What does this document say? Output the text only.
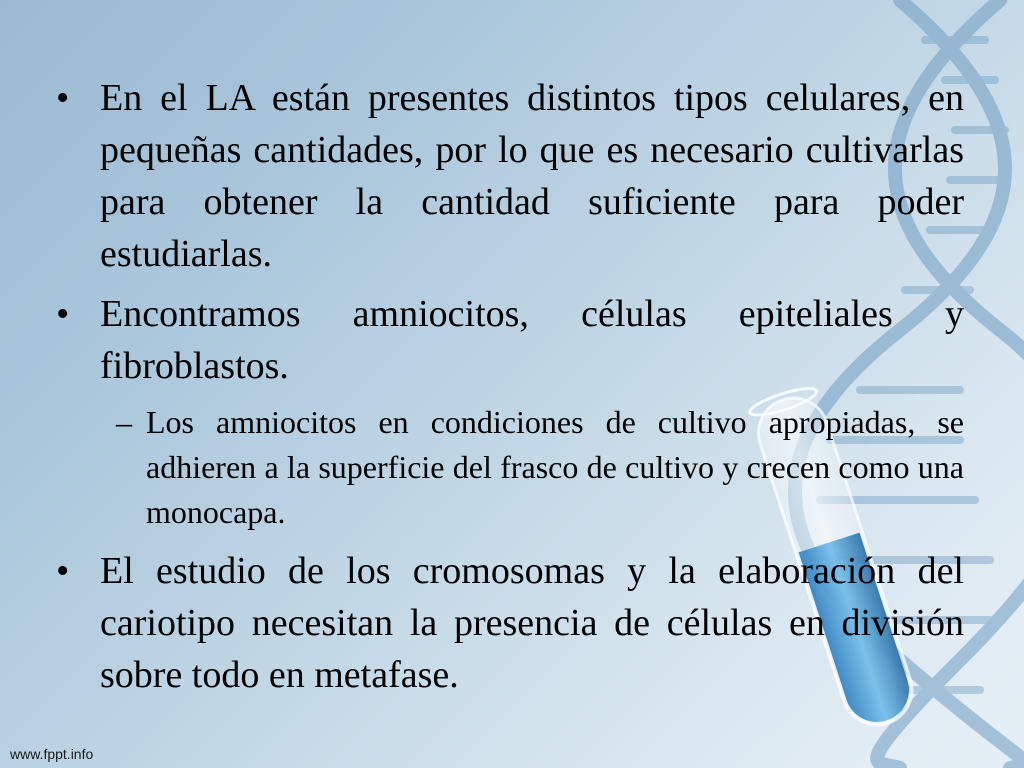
• En el LA están presentes distintos tipos celulares, en pequeñas cantidades, por lo que es necesario cultivarlas para obtener la cantidad suficiente para poder estudiarlas.
• Encontramos amniocitos, células epiteliales y fibroblastos.
– Los amniocitos en condiciones de cultivo apropiadas, se adhieren a la superficie del frasco de cultivo y crecen como una monocapa.
• El estudio de los cromosomas y la elaboración del cariotipo necesitan la presencia de células en división sobre todo en metafase.
www.fppt.info
